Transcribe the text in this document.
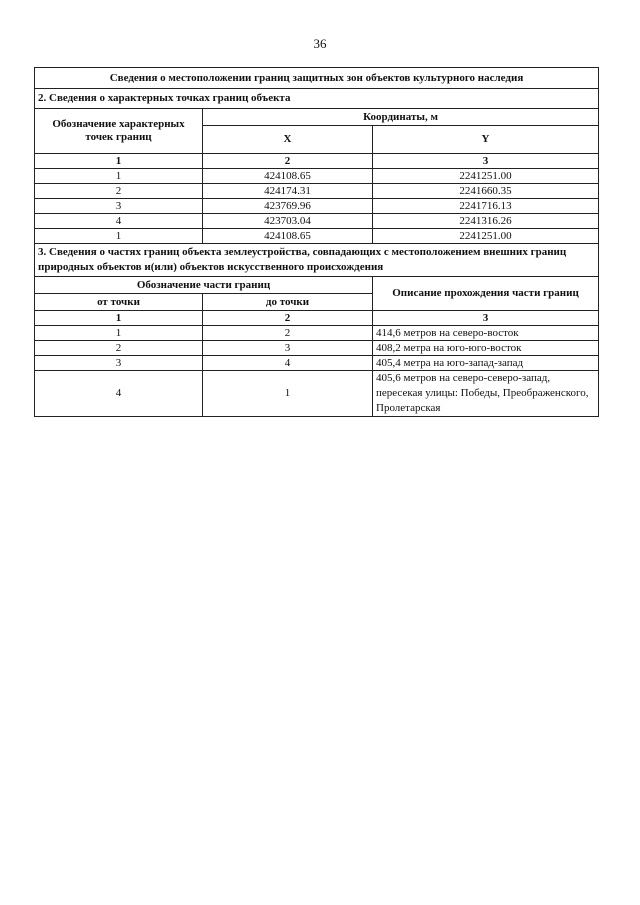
36
Сведения о местоположении границ защитных зон объектов культурного наследия		
2. Сведения о характерных точках границ объекта		
Обозначение характерных точек границ	Координаты, м	
	X	Y
1	2	3
1	424108.65	2241251.00
2	424174.31	2241660.35
3	423769.96	2241716.13
4	423703.04	2241316.26
1	424108.65	2241251.00
3. Сведения о частях границ объекта землеустройства, совпадающих с местоположением внешних границ природных объектов и(или) объектов искусственного происхождения		
Обозначение части границ		Описание прохождения части границ
от точки	до точки	
1	2	3
1	2	414,6 метров на северо-восток
2	3	408,2 метра на юго-юго-восток
3	4	405,4 метра на юго-запад-запад
4	1	405,6 метров на северо-северо-запад, пересекая улицы: Победы, Преображенского, Пролетарская
